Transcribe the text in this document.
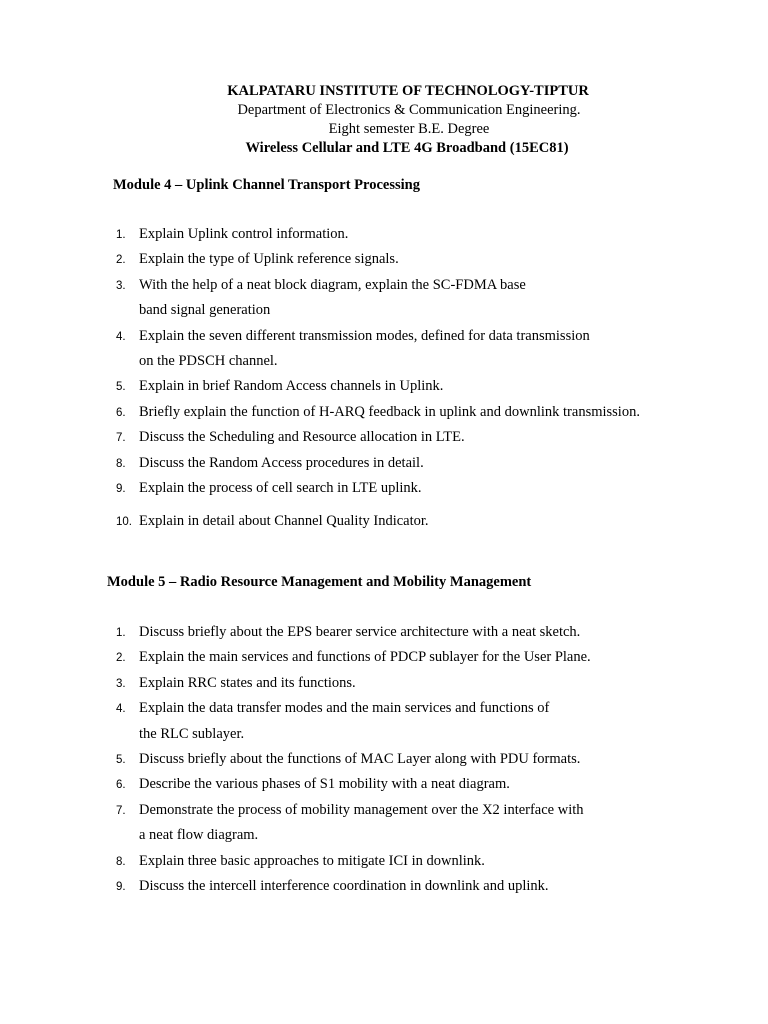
KALPATARU INSTITUTE OF TECHNOLOGY-TIPTUR
Department of Electronics & Communication Engineering.
Eight semester B.E. Degree
Wireless Cellular and LTE 4G Broadband (15EC81)
Module 4 – Uplink Channel Transport Processing
1. Explain Uplink control information.
2. Explain the type of Uplink reference signals.
3. With the help of a neat block diagram, explain the SC-FDMA base
band signal generation
4. Explain the seven different transmission modes, defined for data transmission
on the PDSCH channel.
5. Explain in brief Random Access channels in Uplink.
6. Briefly explain the function of H-ARQ feedback in uplink and downlink transmission.
7. Discuss the Scheduling and Resource allocation in LTE.
8. Discuss the Random Access procedures in detail.
9. Explain the process of cell search in LTE uplink.
10. Explain in detail about Channel Quality Indicator.
Module 5 – Radio Resource Management and Mobility Management
1. Discuss briefly about the EPS bearer service architecture with a neat sketch.
2. Explain the main services and functions of PDCP sublayer for the User Plane.
3. Explain RRC states and its functions.
4. Explain the data transfer modes and the main services and functions of
the RLC sublayer.
5. Discuss briefly about the functions of MAC Layer along with PDU formats.
6. Describe the various phases of S1 mobility with a neat diagram.
7. Demonstrate the process of mobility management over the X2 interface with
a neat flow diagram.
8. Explain three basic approaches to mitigate ICI in downlink.
9. Discuss the intercell interference coordination in downlink and uplink.
